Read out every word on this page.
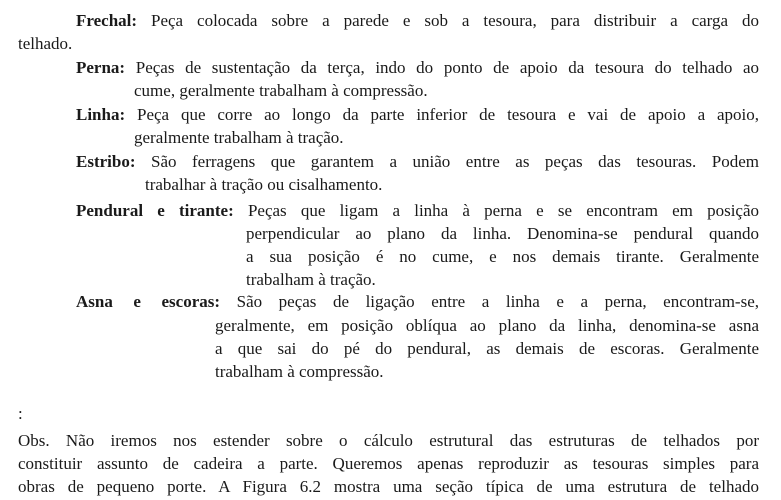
Frechal: Peça colocada sobre a parede e sob a tesoura, para distribuir a carga do
telhado.
Perna: Peças de sustentação da terça, indo do ponto de apoio da tesoura do telhado ao
cume, geralmente trabalham à compressão.
Linha: Peça que corre ao longo da parte inferior de tesoura e vai de apoio a apoio,
geralmente trabalham à tração.
Estribo: São ferragens que garantem a união entre as peças das tesouras. Podem
trabalhar à tração ou cisalhamento.
Pendural e tirante: Peças que ligam a linha à perna e se encontram em posição
perpendicular ao plano da linha. Denomina-se pendural quando
a sua posição é no cume, e nos demais tirante. Geralmente
trabalham à tração.
Asna e escoras: São peças de ligação entre a linha e a perna, encontram-se,
geralmente, em posição oblíqua ao plano da linha, denomina-se asna
a que sai do pé do pendural, as demais de escoras. Geralmente
trabalham à compressão.
:
Obs. Não iremos nos estender sobre o cálculo estrutural das estruturas de telhados por
constituir assunto de cadeira a parte. Queremos apenas reproduzir as tesouras simples para
obras de pequeno porte. A Figura 6.2 mostra uma seção típica de uma estrutura de telhado
